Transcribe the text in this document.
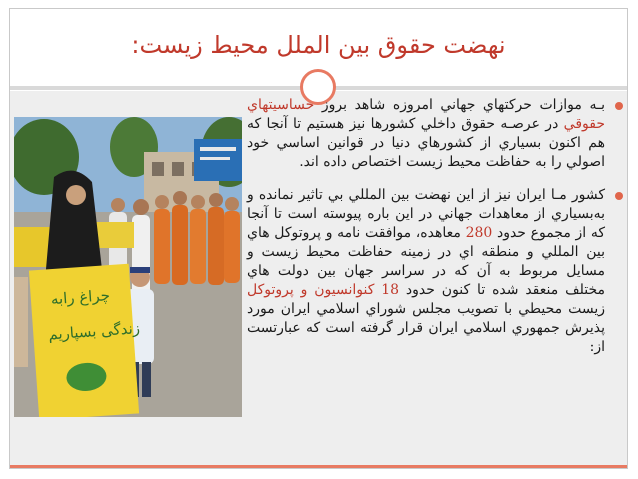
نهضت حقوق بين الملل محيط زيست:
چراغ رابه
زندگی بسپاریم
بـه موازات حركتهاي جهاني امروزه شاهد بروز حساسيتهاي حقوقي در عرصـه حقوق داخلي كشورها نيز هستيم تا آنجا كه هم اكنون بسياري از كشورهاي دنيا در قوانين اساسي خود اصولي را به حفاظت محيط زيست اختصاص داده اند.
كشور مـا ايران نيز از اين نهضت بين المللي بي تاثير نمانده و به‌بسياري از معاهدات جهاني در اين باره پيوسته است تا آنجا كه از مجموع حدود 280 معاهده، موافقت نامه و پروتوكل هاي بين المللي و منطقه اي در زمينه حفاظت محيط زيست و مسايل مربوط به آن كه در سراسر جهان بين دولت هاي مختلف منعقد شده تا كنون حدود 18 كنوانسيون و پروتوكل زيست محيطي با تصويب مجلس شوراي اسلامي ايران مورد پذيرش جمهوري اسلامي ايران قرار گرفته است كه عبارتست از:
